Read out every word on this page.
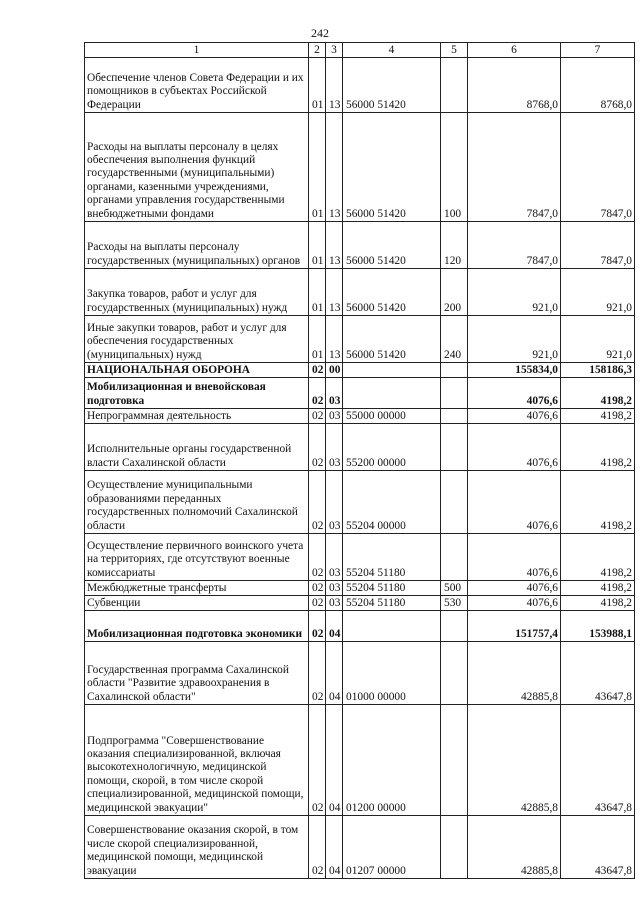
242
1	2	3	4	5	6	7
Обеспечение членов Совета Федерации и их помощников в субъектах Российской Федерации	01	13	56000 51420		8768,0	8768,0
Расходы на выплаты персоналу в целях обеспечения выполнения функций государственными (муниципальными) органами, казенными учреждениями, органами управления государственными внебюджетными фондами	01	13	56000 51420	100	7847,0	7847,0
Расходы на выплаты персоналу государственных (муниципальных) органов	01	13	56000 51420	120	7847,0	7847,0
Закупка товаров, работ и услуг для государственных (муниципальных) нужд	01	13	56000 51420	200	921,0	921,0
Иные закупки товаров, работ и услуг для обеспечения государственных (муниципальных) нужд	01	13	56000 51420	240	921,0	921,0
НАЦИОНАЛЬНАЯ ОБОРОНА	02	00			155834,0	158186,3
Мобилизационная и вневойсковая подготовка	02	03			4076,6	4198,2
Непрограммная деятельность	02	03	55000 00000		4076,6	4198,2
Исполнительные органы государственной власти Сахалинской области	02	03	55200 00000		4076,6	4198,2
Осуществление муниципальными образованиями переданных государственных полномочий Сахалинской области	02	03	55204 00000		4076,6	4198,2
Осуществление первичного воинского учета на территориях, где отсутствуют военные комиссариаты	02	03	55204 51180		4076,6	4198,2
Межбюджетные трансферты	02	03	55204 51180	500	4076,6	4198,2
Субвенции	02	03	55204 51180	530	4076,6	4198,2
Мобилизационная подготовка экономики	02	04			151757,4	153988,1
Государственная программа Сахалинской области "Развитие здравоохранения в Сахалинской области"	02	04	01000 00000		42885,8	43647,8
Подпрограмма "Совершенствование оказания специализированной, включая высокотехнологичную, медицинской помощи, скорой, в том числе скорой специализированной, медицинской помощи, медицинской эвакуации"	02	04	01200 00000		42885,8	43647,8
Совершенствование оказания скорой, в том числе скорой специализированной, медицинской помощи, медицинской эвакуации	02	04	01207 00000		42885,8	43647,8
